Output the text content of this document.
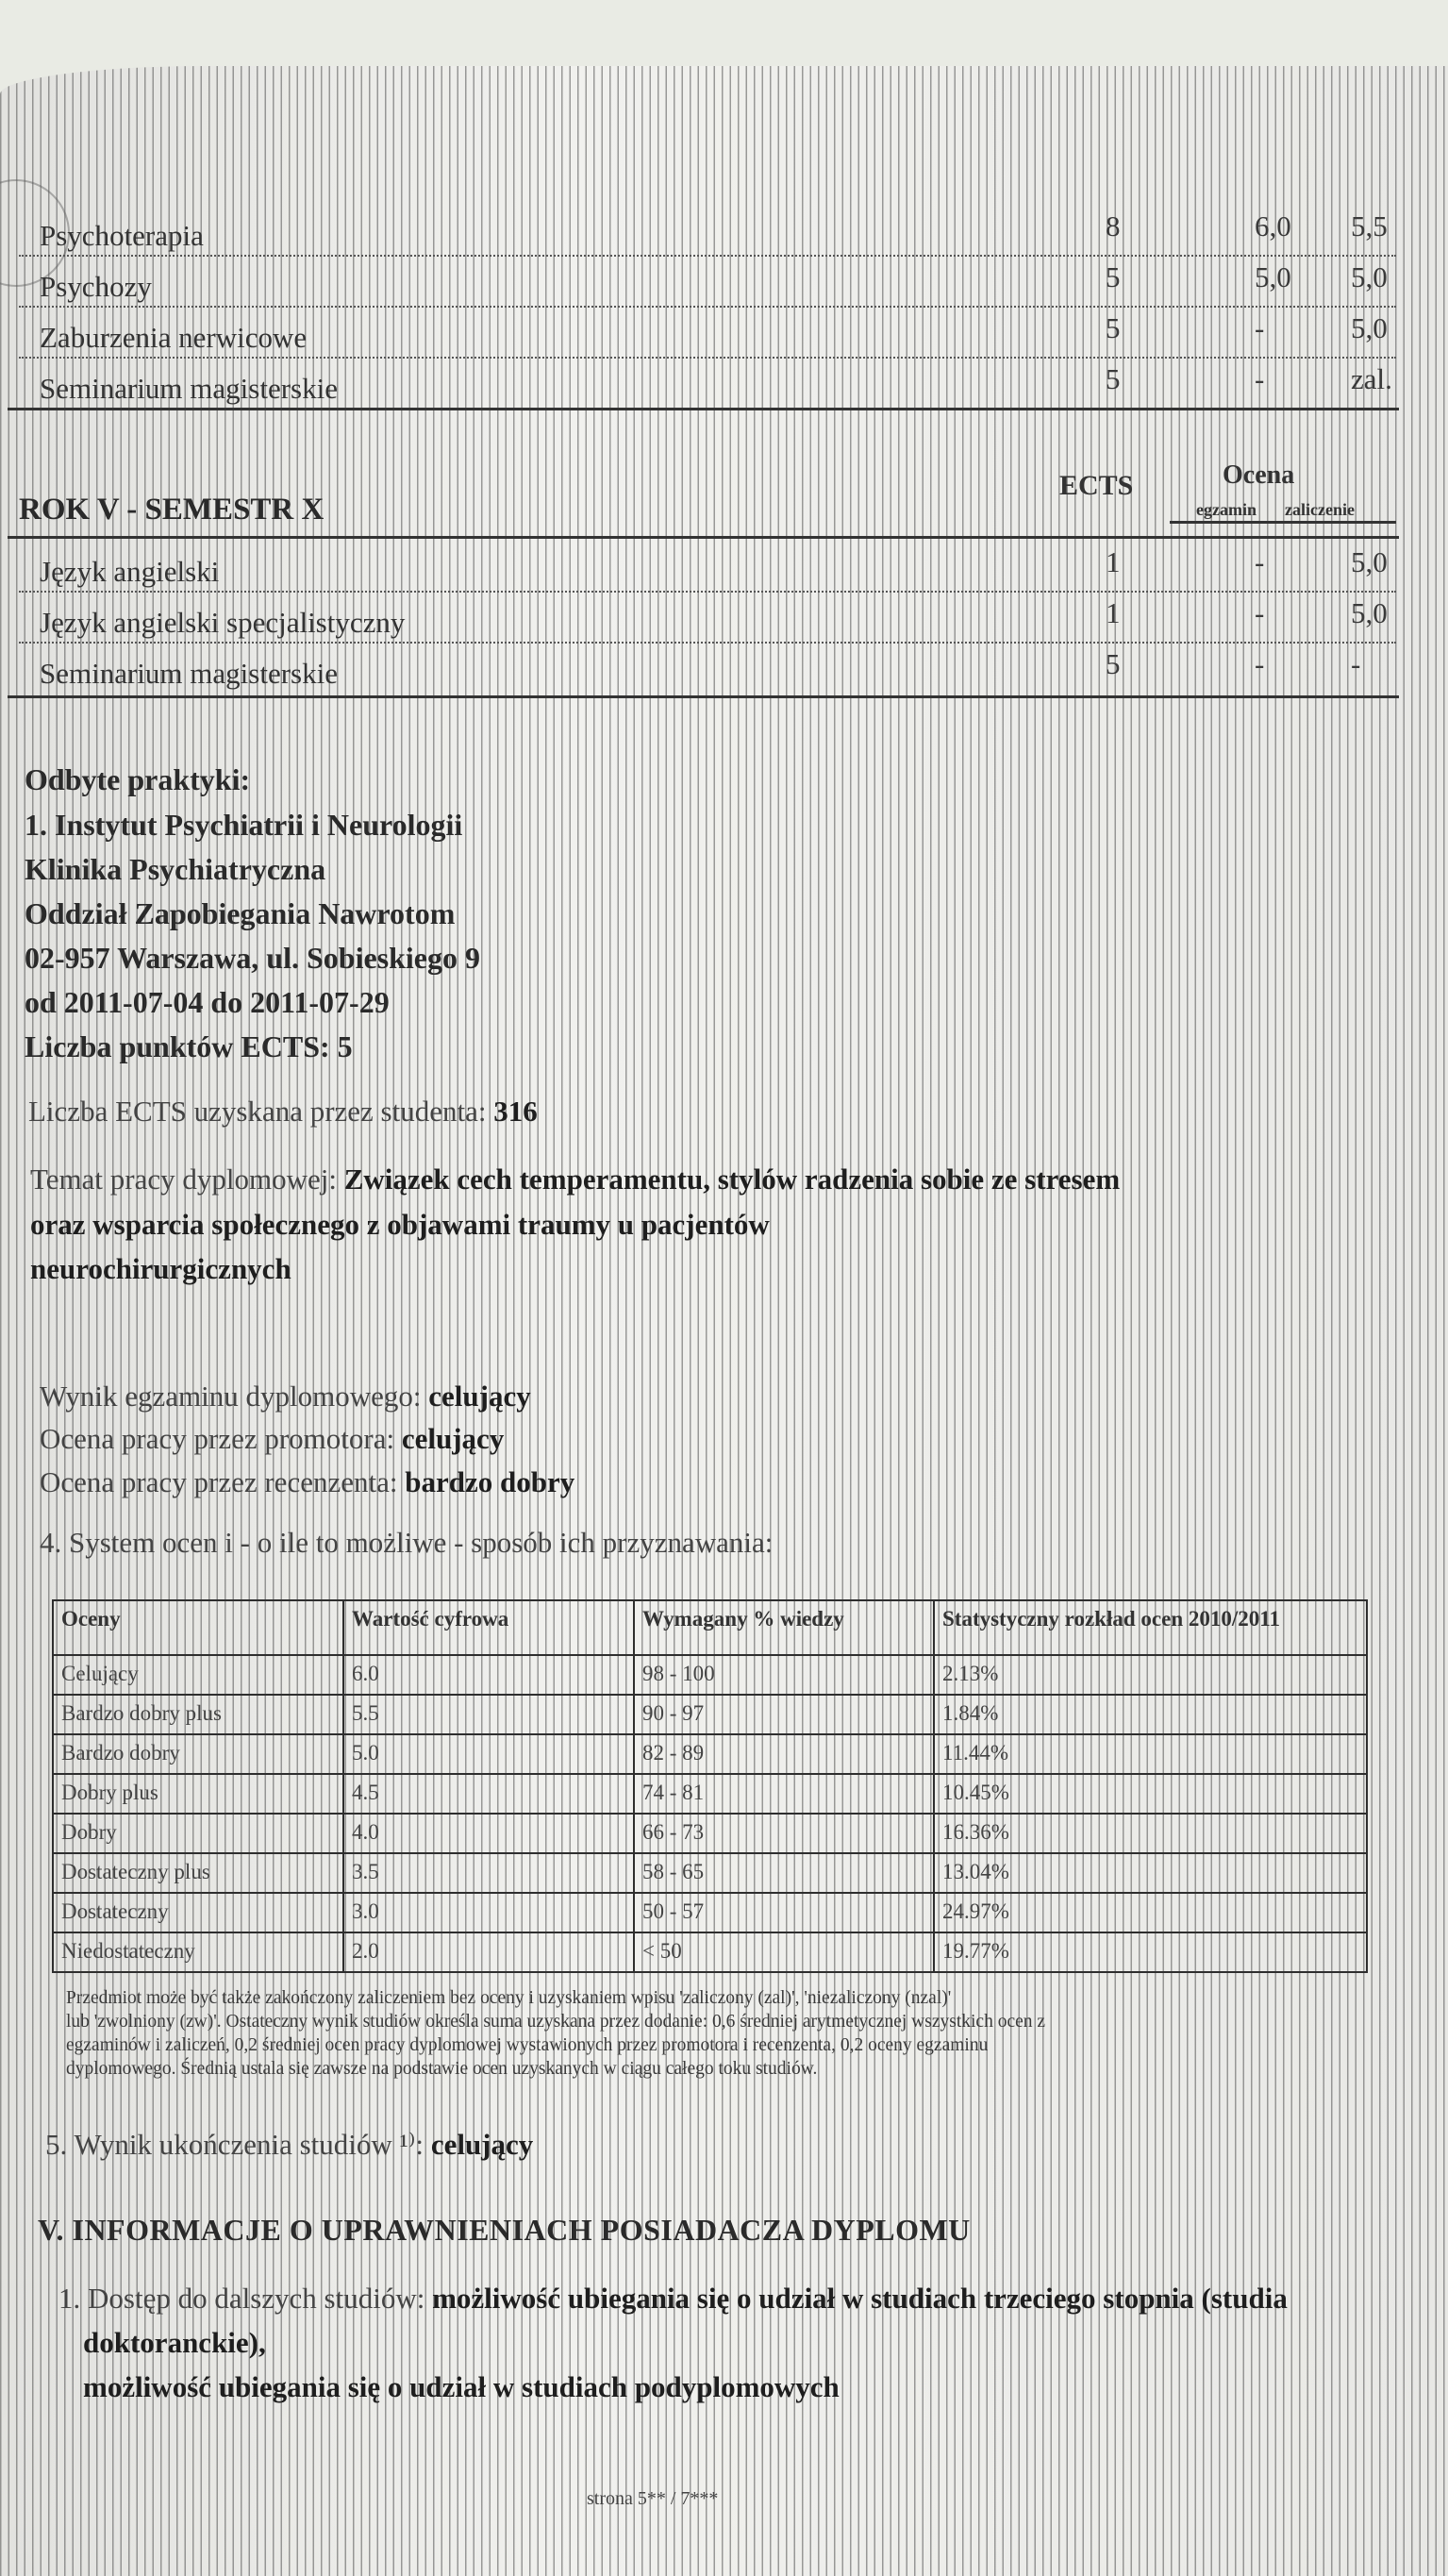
Psychoterapia	8	6,0 5,5
Psychozy	5	5,0 5,0
Zaburzenia nerwicowe	5	-	5,0
Seminarium magisterskie	5	-	zal.
ROK V - SEMESTR X
ECTS	Ocena
egzamin zaliczenie
Język angielski	1	-	5,0
Język angielski specjalistyczny	1	-	5,0
Seminarium magisterskie	5	-	-
Odbyte praktyki:
1. Instytut Psychiatrii i Neurologii
Klinika Psychiatryczna
Oddział Zapobiegania Nawrotom
02-957 Warszawa, ul. Sobieskiego 9
od 2011-07-04 do 2011-07-29
Liczba punktów ECTS: 5
Liczba ECTS uzyskana przez studenta: 316
Temat pracy dyplomowej: Związek cech temperamentu, stylów radzenia sobie ze stresem
oraz wsparcia społecznego z objawami traumy u pacjentów
neurochirurgicznych
Wynik egzaminu dyplomowego: celujący
Ocena pracy przez promotora: celujący
Ocena pracy przez recenzenta: bardzo dobry
4. System ocen i - o ile to możliwe - sposób ich przyznawania:
Oceny	Wartość cyfrowa	Wymagany % wiedzy	Statystyczny rozkład ocen 2010/2011
Celujący	6.0	98 - 100	2.13%
Bardzo dobry plus	5.5	90 - 97	1.84%
Bardzo dobry	5.0	82 - 89	11.44%
Dobry plus	4.5	74 - 81	10.45%
Dobry	4.0	66 - 73	16.36%
Dostateczny plus	3.5	58 - 65	13.04%
Dostateczny	3.0	50 - 57	24.97%
Niedostateczny	2.0	< 50	19.77%
Przedmiot może być także zakończony zaliczeniem bez oceny i uzyskaniem wpisu 'zaliczony (zal)', 'niezaliczony (nzal)'
lub 'zwolniony (zw)'. Ostateczny wynik studiów określa suma uzyskana przez dodanie: 0,6 średniej arytmetycznej wszystkich ocen z
egzaminów i zaliczeń, 0,2 średniej ocen pracy dyplomowej wystawionych przez promotora i recenzenta, 0,2 oceny egzaminu
dyplomowego. Średnią ustala się zawsze na podstawie ocen uzyskanych w ciągu całego toku studiów.
5. Wynik ukończenia studiów ¹⁾: celujący
V. INFORMACJE O UPRAWNIENIACH POSIADACZA DYPLOMU
1. Dostęp do dalszych studiów: możliwość ubiegania się o udział w studiach trzeciego stopnia (studia
doktoranckie),
możliwość ubiegania się o udział w studiach podyplomowych
strona 5** / 7***
